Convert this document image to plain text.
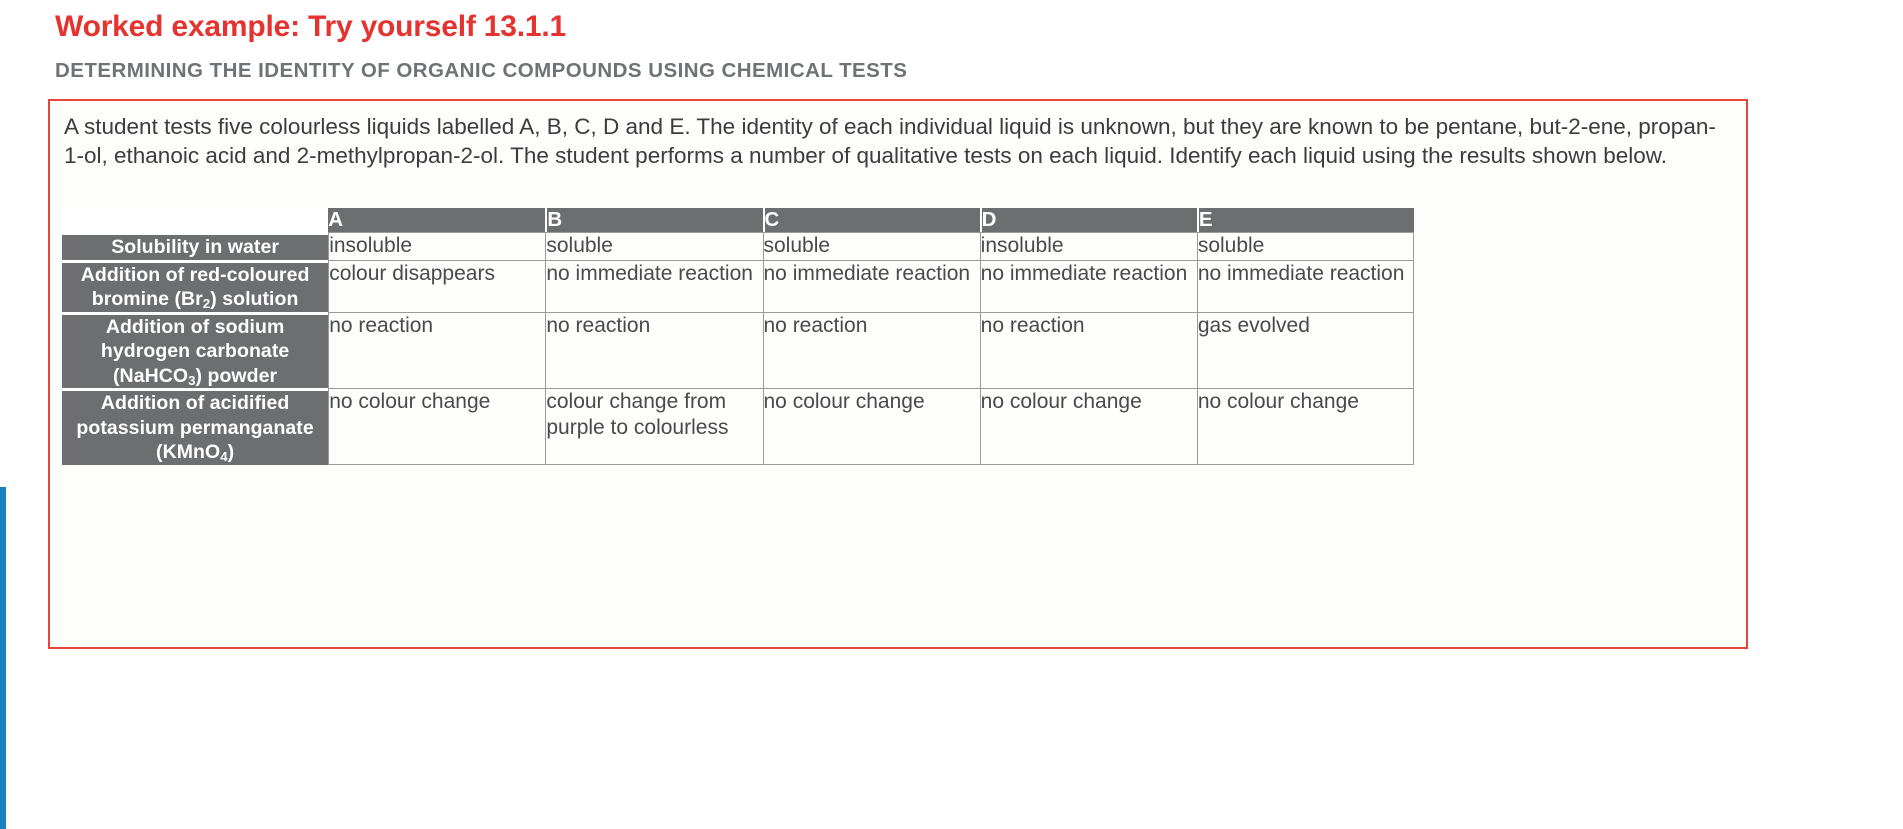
Worked example: Try yourself 13.1.1
DETERMINING THE IDENTITY OF ORGANIC COMPOUNDS USING CHEMICAL TESTS
A student tests five colourless liquids labelled A, B, C, D and E. The identity of each individual liquid is unknown, but they are known to be pentane, but-2-ene, propan-1-ol, ethanoic acid and 2-methylpropan-2-ol. The student performs a number of qualitative tests on each liquid. Identify each liquid using the results shown below.
	A	B	C	D	E
Solubility in water	insoluble	soluble	soluble	insoluble	soluble
Addition of red-coloured bromine $(Br_2)$ solution	colour disappears	no immediate reaction	no immediate reaction	no immediate reaction	no immediate reaction
Addition of sodium hydrogen carbonate (NaHCO$_3$) powder	no reaction	no reaction	no reaction	no reaction	gas evolved
Addition of acidified potassium permanganate (KMnO$_4$)	no colour change	colour change from purple to colourless	no colour change	no colour change	no colour change
